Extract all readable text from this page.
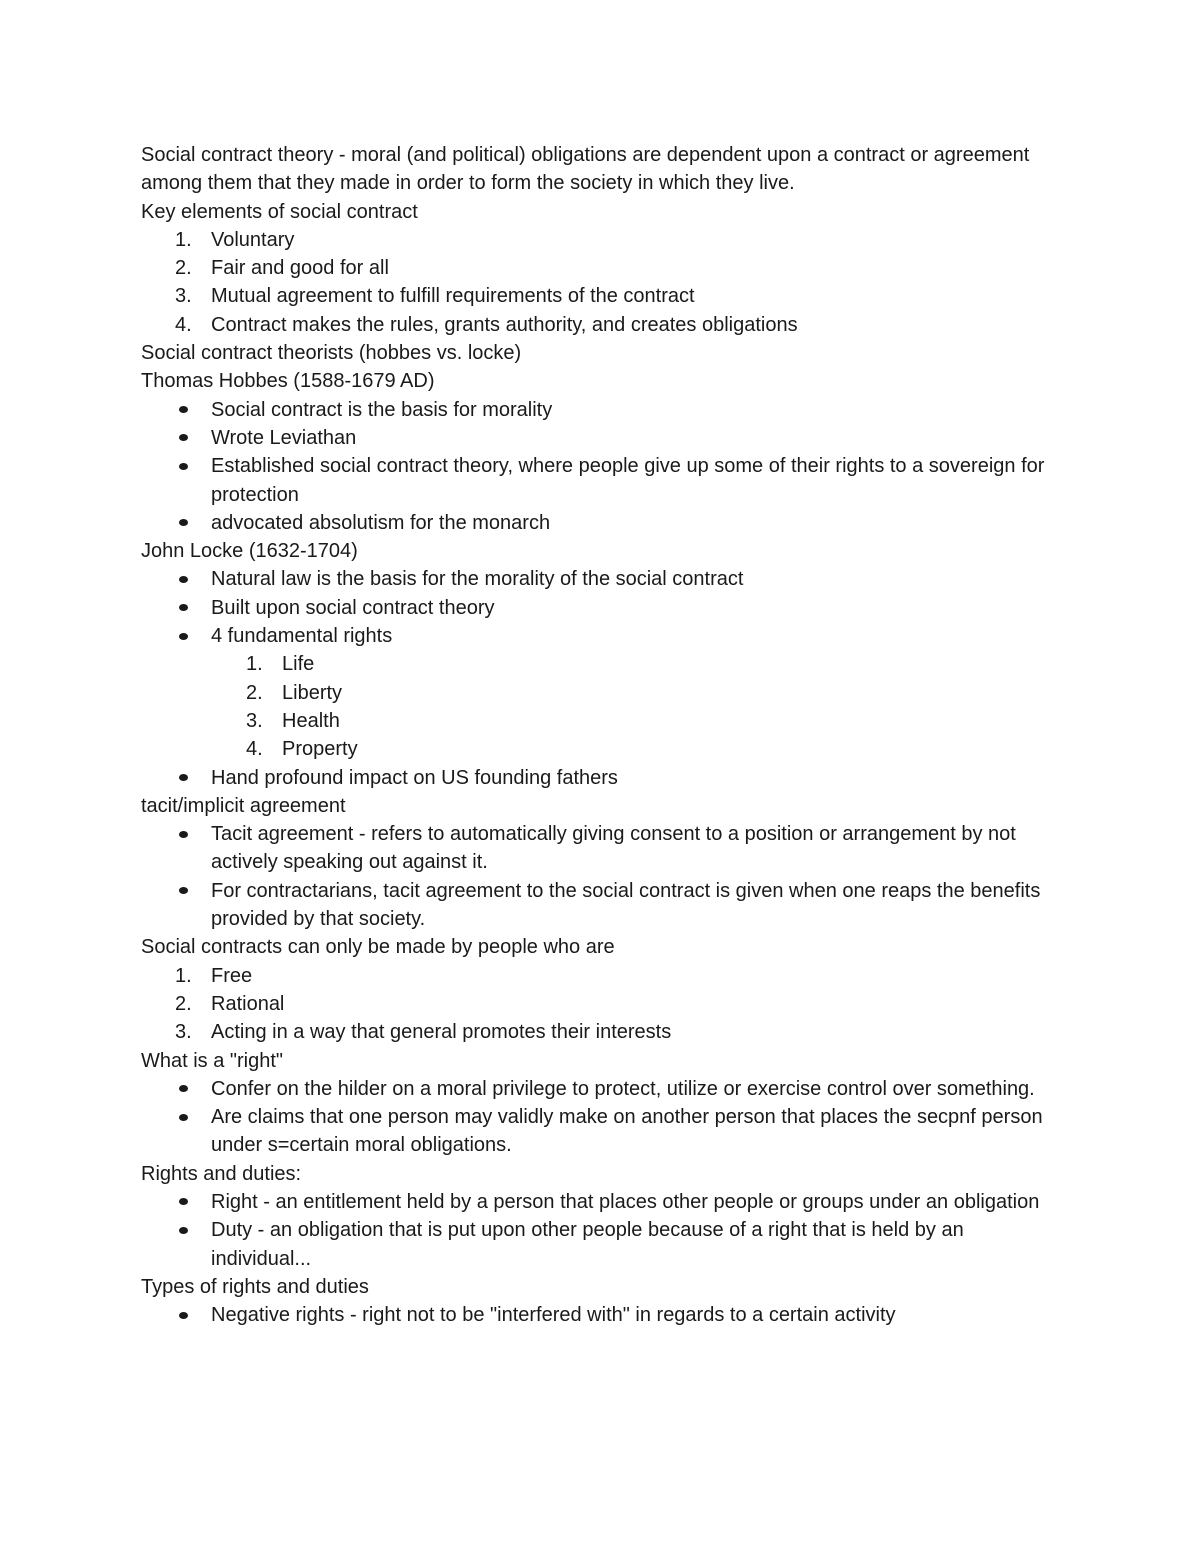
Social contract theory - moral (and political) obligations are dependent upon a contract or agreement among them that they made in order to form the society in which they live.

Key elements of social contract

1. Voluntary
2. Fair and good for all
3. Mutual agreement to fulfill requirements of the contract
4. Contract makes the rules, grants authority, and creates obligations

Social contract theorists (hobbes vs. locke)

Thomas Hobbes (1588-1679 AD)

Social contract is the basis for morality
Wrote Leviathan
Established social contract theory, where people give up some of their rights to a sovereign for protection
advocated absolutism for the monarch

John Locke (1632-1704)

Natural law is the basis for the morality of the social contract
Built upon social contract theory
4 fundamental rights
1. Life
2. Liberty
3. Health
4. Property
Hand profound impact on US founding fathers

tacit/implicit agreement

Tacit agreement - refers to automatically giving consent to a position or arrangement by not actively speaking out against it.
For contractarians, tacit agreement to the social contract is given when one reaps the benefits provided by that society.

Social contracts can only be made by people who are

1. Free
2. Rational
3. Acting in a way that general promotes their interests

What is a "right"

Confer on the hilder on a moral privilege to protect, utilize or exercise control over something.
Are claims that one person may validly make on another person that places the secpnf person under s=certain moral obligations.

Rights and duties:

Right - an entitlement held by a person that places other people or groups under an obligation
Duty - an obligation that is put upon other people because of a right that is held by an individual...

Types of rights and duties

Negative rights - right not to be "interfered with" in regards to a certain activity
